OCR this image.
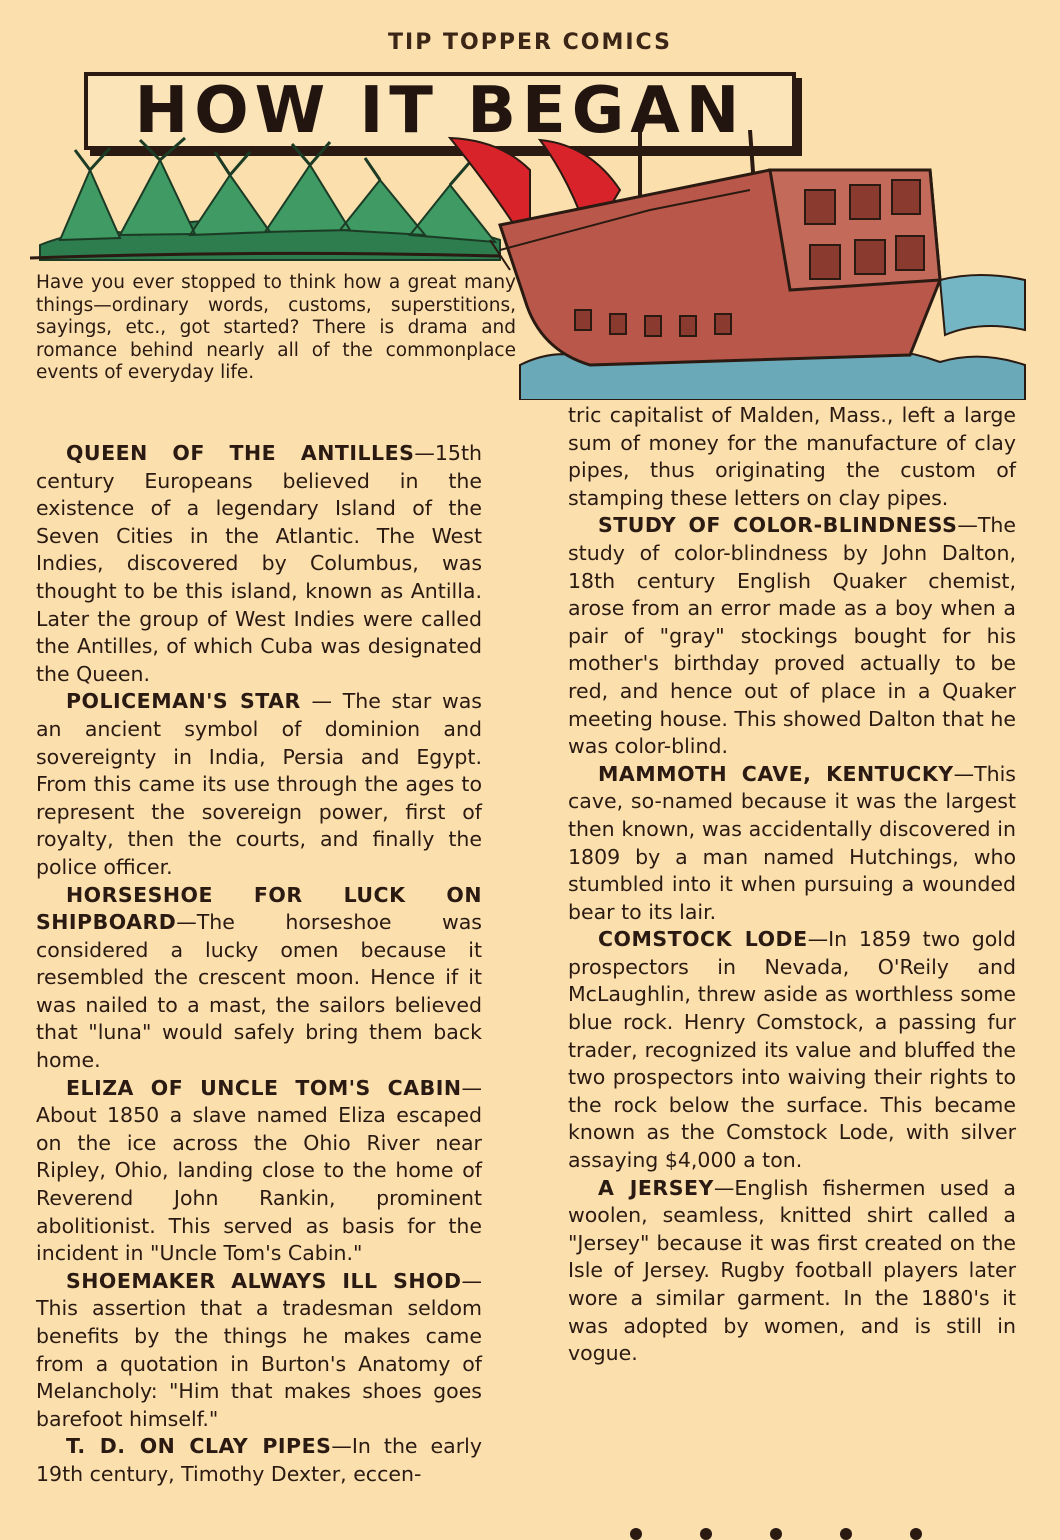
TIP TOPPER COMICS
HOW IT BEGAN

Have you ever stopped to think how a great many things—ordinary words, customs, superstitions, sayings, etc., got started? There is drama and romance behind nearly all of the commonplace events of everyday life.

QUEEN OF THE ANTILLES—15th century Europeans believed in the existence of a legendary Island of the Seven Cities in the Atlantic. The West Indies, discovered by Columbus, was thought to be this island, known as Antilla. Later the group of West Indies were called the Antilles, of which Cuba was designated the Queen.

POLICEMAN'S STAR — The star was an ancient symbol of dominion and sovereignty in India, Persia and Egypt. From this came its use through the ages to represent the sovereign power, first of royalty, then the courts, and finally the police officer.

HORSESHOE FOR LUCK ON SHIPBOARD—The horseshoe was considered a lucky omen because it resembled the crescent moon. Hence if it was nailed to a mast, the sailors believed that "luna" would safely bring them back home.

ELIZA OF UNCLE TOM'S CABIN—About 1850 a slave named Eliza escaped on the ice across the Ohio River near Ripley, Ohio, landing close to the home of Reverend John Rankin, prominent abolitionist. This served as basis for the incident in "Uncle Tom's Cabin."

SHOEMAKER ALWAYS ILL SHOD—This assertion that a tradesman seldom benefits by the things he makes came from a quotation in Burton's Anatomy of Melancholy: "Him that makes shoes goes barefoot himself."

T. D. ON CLAY PIPES—In the early 19th century, Timothy Dexter, eccen-

tric capitalist of Malden, Mass., left a large sum of money for the manufacture of clay pipes, thus originating the custom of stamping these letters on clay pipes.

STUDY OF COLOR-BLINDNESS—The study of color-blindness by John Dalton, 18th century English Quaker chemist, arose from an error made as a boy when a pair of "gray" stockings bought for his mother's birthday proved actually to be red, and hence out of place in a Quaker meeting house. This showed Dalton that he was color-blind.

MAMMOTH CAVE, KENTUCKY—This cave, so-named because it was the largest then known, was accidentally discovered in 1809 by a man named Hutchings, who stumbled into it when pursuing a wounded bear to its lair.

COMSTOCK LODE—In 1859 two gold prospectors in Nevada, O'Reily and McLaughlin, threw aside as worthless some blue rock. Henry Comstock, a passing fur trader, recognized its value and bluffed the two prospectors into waiving their rights to the rock below the surface. This became known as the Comstock Lode, with silver assaying $4,000 a ton.

A JERSEY—English fishermen used a woolen, seamless, knitted shirt called a "Jersey" because it was first created on the Isle of Jersey. Rugby football players later wore a similar garment. In the 1880's it was adopted by women, and is still in vogue.
